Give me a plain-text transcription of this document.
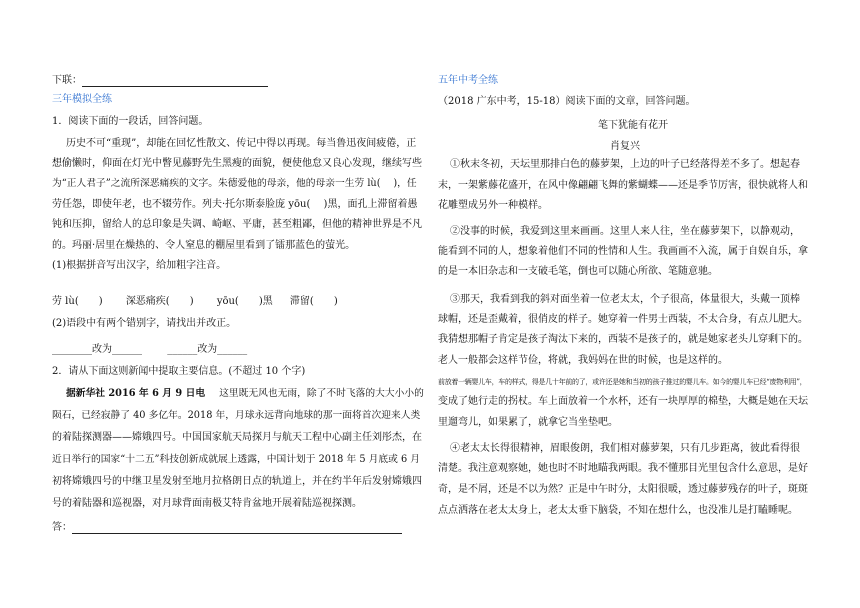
下联：
三年模拟全练
1．阅读下面的一段话，回答问题。
历史不可“重现”，却能在回忆性散文、传记中得以再现。每当鲁迅夜间疲倦，正
想偷懒时，仰面在灯光中瞥见藤野先生黑瘦的面貌，便使他怠又良心发现，继续写些
为“正人君子”之流所深恶痛疾的文字。朱德爱他的母亲，他的母亲一生劳 lù(　 )，任
劳任怨，即使年老，也不辍劳作。列夫·托尔斯泰脸庞 yōu(　 )黑，面孔上滞留着愚
钝和压抑，留给人的总印象是失调、崎岖、平庸，甚至粗鄙，但他的精神世界是不凡
的。玛丽·居里在燥热的、令人窒息的棚屋里看到了镭那蓝色的萤光。
(1)根据拼音写出汉字，给加粗字注音。
劳 lù(　　) 深恶痛疾(　　) yōu(　　)黑 滞留(　　)
(2)语段中有两个错别字，请找出并改正。
________改为______	______改为______
2．请从下面这则新闻中提取主要信息。(不超过 10 个字)
据新华社 2016 年 6 月 9 日电 这里既无风也无雨，除了不时飞落的大大小小的
陨石，已经寂静了 40 多亿年。2018 年，月球永远背向地球的那一面将首次迎来人类
的着陆探测器——嫦娥四号。中国国家航天局探月与航天工程中心副主任刘彤杰，在
近日举行的国家“十二五”科技创新成就展上透露，中国计划于 2018 年 5 月底或 6 月
初将嫦娥四号的中继卫星发射至地月拉格朗日点的轨道上，并在约半年后发射嫦娥四
号的着陆器和巡视器，对月球背面南极艾特肯盆地开展着陆巡视探测。
答：
五年中考全练
（2018 广东中考，15-18）阅读下面的文章，回答问题。
笔下犹能有花开
肖复兴
①秋末冬初，天坛里那排白色的藤萝架，上边的叶子已经落得差不多了。想起春
末，一架紫藤花盛开，在风中像翩翩飞舞的紫蝴蝶——还是季节厉害，很快就将人和
花雕塑成另外一种模样。
②没事的时候，我爱到这里来画画。这里人来人往，坐在藤萝架下，以静观动，
能看到不同的人，想象着他们不同的性情和人生。我画画不入流，属于自娱自乐，拿
的是一本旧杂志和一支破毛笔，倒也可以随心所欲、笔随意驰。
③那天，我看到我的斜对面坐着一位老太太，个子很高，体量很大，头戴一顶棒
球帽，还是歪戴着，很俏皮的样子。她穿着一件男士西装，不太合身，有点儿肥大。
我猜想那帽子肯定是孩子淘汰下来的，西装不是孩子的，就是她家老头儿穿剩下的。
老人一般都会这样节俭，将就，我妈妈在世的时候，也是这样的。
前放着一辆婴儿车，车的样式，得是几十年前的了，或许还是她和当初的孩子推过的婴儿车。如今的婴儿车已经“废物利用”，
变成了她行走的拐杖。车上面放着一个水杯，还有一块厚厚的棉垫，大概是她在天坛
里遛弯儿，如果累了，就拿它当坐垫吧。
④老太太长得很精神，眉眼俊朗，我们相对藤萝架，只有几步距离，彼此看得很
清楚。我注意观察她，她也时不时地瞄我两眼。我不懂那目光里包含什么意思，是好
奇，是不屑，还是不以为然？正是中午时分，太阳很暖，透过藤萝残存的叶子，斑斑
点点洒落在老太太身上，老太太垂下脑袋，不知在想什么，也没准儿是打瞌睡呢。
